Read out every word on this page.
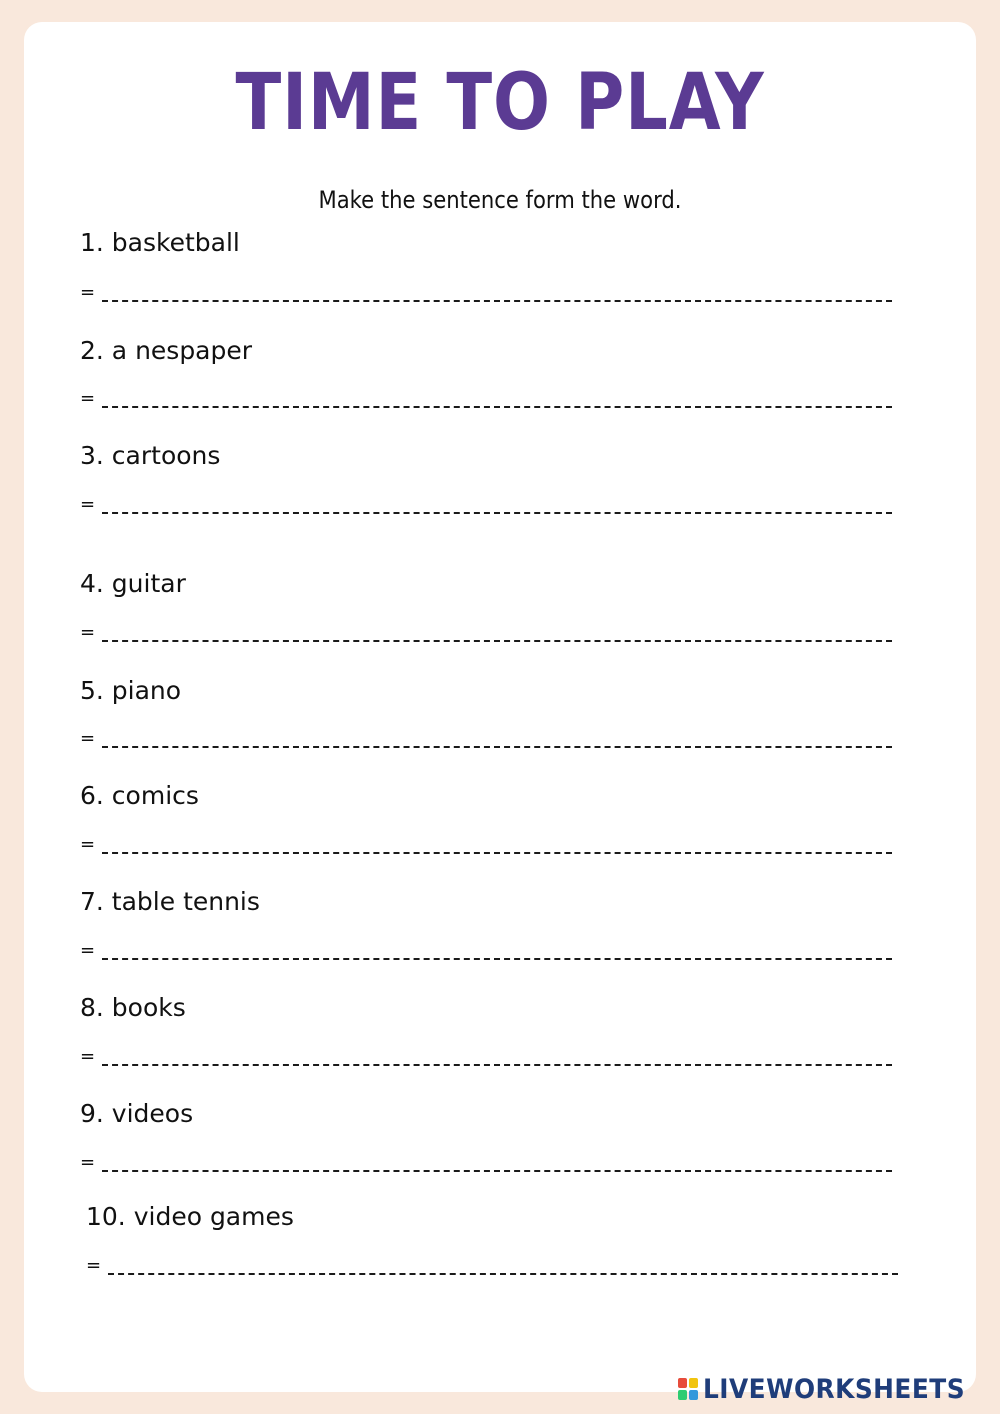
TIME TO PLAY
Make the sentence form the word.
1. basketball
=
2. a nespaper
=
3. cartoons
=
4. guitar
=
5. piano
=
6. comics
=
7. table tennis
=
8. books
=
9. videos
=
10. video games
=
LIVEWORKSHEETS
